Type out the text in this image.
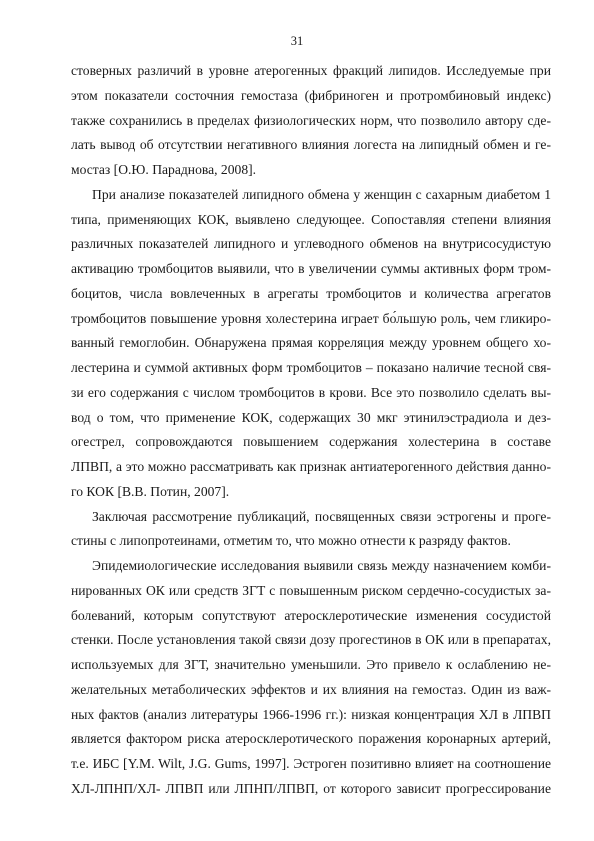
31

стоверных различий в уровне атерогенных фракций липидов. Исследуемые при этом показатели состочния гемостаза (фибриноген и протромбиновый индекс) также сохранились в пределах физиологических норм, что позволило автору сделать вывод об отсутствии негативного влияния логеста на липидный обмен и гемостаз [О.Ю. Параднова, 2008].

При анализе показателей липидного обмена у женщин с сахарным диабетом 1 типа, применяющих КОК, выявлено следующее. Сопоставляя степени влияния различных показателей липидного и углеводного обменов на внутрисосудистую активацию тромбоцитов выявили, что в увеличении суммы активных форм тромбоцитов, числа вовлеченных в агрегаты тромбоцитов и количества агрегатов тромбоцитов повышение уровня холестерина играет бо́льшую роль, чем гликированный гемоглобин. Обнаружена прямая корреляция между уровнем общего холестерина и суммой активных форм тромбоцитов – показано наличие тесной связи его содержания с числом тромбоцитов в крови. Все это позволило сделать вывод о том, что применение КОК, содержащих 30 мкг этинилэстрадиола и дезогестрел, сопровождаются повышением содержания холестерина в составе ЛПВП, а это можно рассматривать как признак антиатерогенного действия данного КОК [В.В. Потин, 2007].

Заключая рассмотрение публикаций, посвященных связи эстрогены и прогестины с липопротеинами, отметим то, что можно отнести к разряду фактов.

Эпидемиологические исследования выявили связь между назначением комбинированных ОК или средств ЗГТ с повышенным риском сердечно-сосудистых заболеваний, которым сопутствуют атеросклеротические изменения сосудистой стенки. После установления такой связи дозу прогестинов в ОК или в препаратах, используемых для ЗГТ, значительно уменьшили. Это привело к ослаблению нежелательных метаболических эффектов и их влияния на гемостаз. Один из важных фактов (анализ литературы 1966-1996 гг.): низкая концентрация ХЛ в ЛПВП является фактором риска атеросклеротического поражения коронарных артерий, т.е. ИБС [Y.M. Wilt, J.G. Gums, 1997]. Эстроген позитивно влияет на соотношение ХЛ-ЛПНП/ХЛ- ЛПВП или ЛПНП/ЛПВП, от которого зависит прогрессирование
